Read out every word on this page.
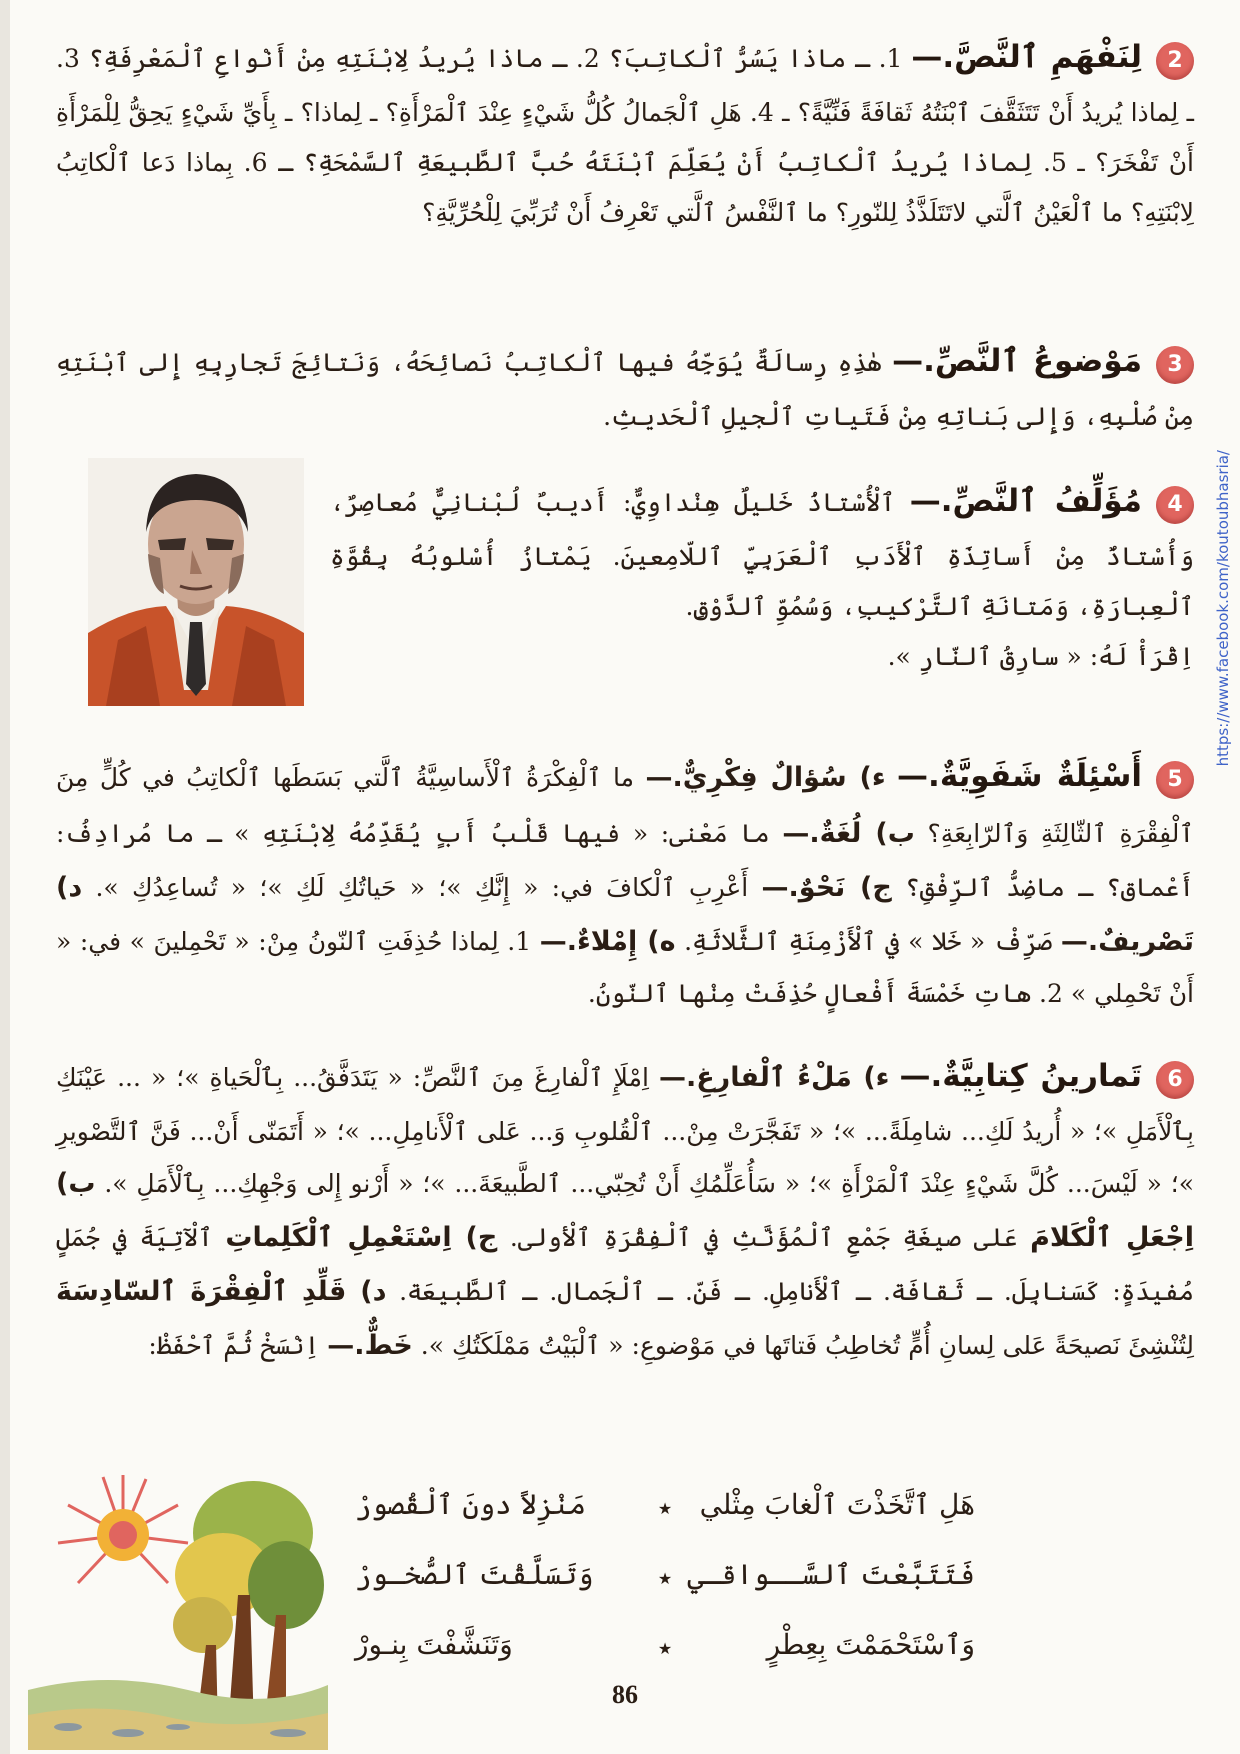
2لِنَفْهَمِ ٱلنَّصَّ.— 1. ـ ماذا يَسُرُّ ٱلْكاتِبَ؟ 2. ـ ماذا يُريدُ لِابْنَتِهِ مِنْ أَنْواعِ ٱلْمَعْرِفَةِ؟ 3. ـ لِماذا يُريدُ أَنْ تَتَثَقَّفَ ٱبْنَتُهُ ثَقافَةً فَنِّيَّةً؟ ـ 4. هَلِ ٱلْجَمالُ كُلُّ شَيْءٍ عِنْدَ ٱلْمَرْأَةِ؟ ـ لِماذا؟ ـ بِأَيِّ شَيْءٍ يَحِقُّ لِلْمَرْأَةِ أَنْ تَفْخَرَ؟ ـ 5. لِماذا يُريدُ ٱلْكاتِبُ أَنْ يُعَلِّمَ ٱبْنَتَهُ حُبَّ ٱلطَّبيعَةِ ٱلسَّمْحَةِ؟ ـ 6. بِماذا دَعا ٱلْكاتِبُ لِابْنَتِهِ؟ ما ٱلْعَيْنُ ٱلَّتي لاتَتَلَذَّذُ لِلنّورِ؟ ما ٱلنَّفْسُ ٱلَّتي تَعْرِفُ أَنْ تُرَبِّيَ لِلْحُرِّيَّةِ؟

3مَوْضوعُ ٱلنَّصِّ.— هٰذِهِ رِسالَةٌ يُوَجِّهُ فيها ٱلْكاتِبُ نَصائِحَهُ، وَنَتائِجَ تَجارِبِهِ إِلى ٱبْنَتِهِ مِنْ صُلْبِهِ، وَإِلى بَناتِهِ مِنْ فَتَياتِ ٱلْجيلِ ٱلْحَديثِ.

4مُؤَلِّفُ ٱلنَّصِّ.— ٱلْأُسْتاذُ خَليلٌ هِنْداوِيٌّ: أَديبٌ لُبْنانِيٌّ مُعاصِرٌ، وَأُسْتاذٌ مِنْ أَساتِذَةِ ٱلْأَدَبِ ٱلْعَرَبِيِّ ٱللّامِعينَ. يَمْتازُ أُسْلوبُهُ بِقُوَّةِ ٱلْعِبارَةِ، وَمَتانَةِ ٱلتَّرْكيبِ، وَسُمُوِّ ٱلذَّوْقِ.

اِقْرَأْ لَهُ: « سارِقُ ٱلنّارِ ».

5أَسْئِلَةٌ شَفَوِيَّةٌ.— ء) سُؤالٌ فِكْرِيٌّ.— ما ٱلْفِكْرَةُ ٱلْأَساسِيَّةُ ٱلَّتي بَسَطَها ٱلْكاتِبُ في كُلٍّ مِنَ ٱلْفِقْرَةِ ٱلثّالِثَةِ وَٱلرّابِعَةِ؟ ب) لُغَةٌ.— ما مَعْنى: « فيها قَلْبُ أَبٍ يُقَدِّمُهُ لِابْنَتِهِ » ـ ما مُرادِفُ: أَعْماق؟ ـ ماضِدُّ ٱلرِّفْقِ؟ ج) نَحْوٌ.— أَعْرِبِ ٱلْكافَ في: « إِنَّكِ »؛ « حَياتُكِ لَكِ »؛ « تُساعِدُكِ ». د) تَصْريفٌ.— صَرِّفْ « خَلا » في ٱلْأَزْمِنَةِ ٱلثَّلاثَةِ. ه) إِمْلاءٌ.— 1. لِماذا حُذِفَتِ ٱلنّونُ مِنْ: « تَحْمِلينَ » في: « أَنْ تَحْمِلي » 2. هاتِ خَمْسَةَ أَفْعالٍ حُذِفَتْ مِنْها ٱلنّونُ.

6تَمارينُ كِتابِيَّةٌ.— ء) مَلْءُ ٱلْفارِغِ.— اِمْلَإِ ٱلْفارِغَ مِنَ ٱلنَّصِّ: « يَتَدَفَّقُ... بِٱلْحَياةِ »؛ « ... عَيْنَكِ بِٱلْأَمَلِ »؛ « أُريدُ لَكِ... شامِلَةً... »؛ « تَفَجَّرَتْ مِنْ... ٱلْقُلوبِ وَ... عَلى ٱلْأَنامِلِ... »؛ « أَتَمَنّى أَنْ... فَنَّ ٱلتَّصْويرِ »؛ « لَيْسَ... كُلَّ شَيْءٍ عِنْدَ ٱلْمَرْأَةِ »؛ « سَأُعَلِّمُكِ أَنْ تُحِبّي... ٱلطَّبيعَةَ... »؛ « أَرْنو إِلى وَجْهِكِ... بِٱلْأَمَلِ ». ب) اِجْعَلِ ٱلْكَلامَ عَلى صيغَةِ جَمْعِ ٱلْمُؤَنَّثِ في ٱلْفِقْرَةِ ٱلْأولى. ج) اِسْتَعْمِلِ ٱلْكَلِماتِ ٱلْآتِيَةَ في جُمَلٍ مُفيدَةٍ: كَسَنابِلَ. ـ ثَقافَة. ـ ٱلْأَنامِلِ. ـ فَنّ. ـ ٱلْجَمال. ـ ٱلطَّبيعَة. د) قَلِّدِ ٱلْفِقْرَةَ ٱلسّادِسَةَ لِتُنْشِئَ نَصيحَةً عَلى لِسانِ أُمٍّ تُخاطِبُ فَتاتَها في مَوْضوعِ: « ٱلْبَيْتُ مَمْلَكَتُكِ ». خَطٌّ.— اِنْسَخْ ثُمَّ ٱحْفَظْ:

هَلِ ٱتَّخَذْتَ ٱلْغابَ مِثْلي★مَنْزِلاً دونَ ٱلْقُصورْ
فَتَتَبَّعْتَ ٱلسَّــواقـي★وَتَسَلَّقْتَ ٱلصُّخـورْ
وَٱسْتَحْمَمْتَ بِعِطْرٍ★وَتَنَشَّفْتَ بِنـورْ
86
https://www.facebook.com/koutoubhasria/
